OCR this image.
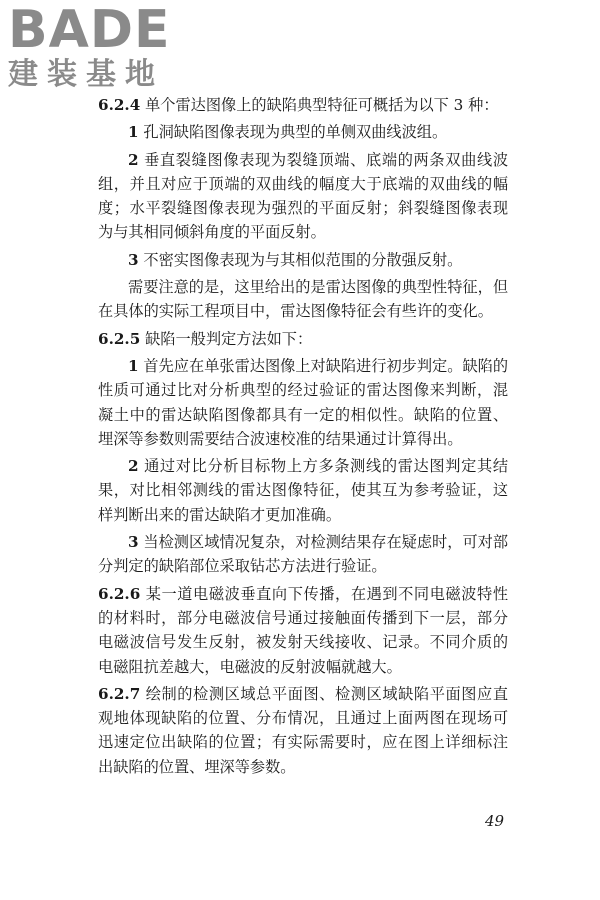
BADE
建装基地

6.2.4 单个雷达图像上的缺陷典型特征可概括为以下 3 种：

1 孔洞缺陷图像表现为典型的单侧双曲线波组。

2 垂直裂缝图像表现为裂缝顶端、底端的两条双曲线波组，并且对应于顶端的双曲线的幅度大于底端的双曲线的幅度；水平裂缝图像表现为强烈的平面反射；斜裂缝图像表现为与其相同倾斜角度的平面反射。

3 不密实图像表现为与其相似范围的分散强反射。

需要注意的是，这里给出的是雷达图像的典型性特征，但在具体的实际工程项目中，雷达图像特征会有些许的变化。

6.2.5 缺陷一般判定方法如下：

1 首先应在单张雷达图像上对缺陷进行初步判定。缺陷的性质可通过比对分析典型的经过验证的雷达图像来判断，混凝土中的雷达缺陷图像都具有一定的相似性。缺陷的位置、埋深等参数则需要结合波速校准的结果通过计算得出。

2 通过对比分析目标物上方多条测线的雷达图判定其结果，对比相邻测线的雷达图像特征，使其互为参考验证，这样判断出来的雷达缺陷才更加准确。

3 当检测区域情况复杂，对检测结果存在疑虑时，可对部分判定的缺陷部位采取钻芯方法进行验证。

6.2.6 某一道电磁波垂直向下传播，在遇到不同电磁波特性的材料时，部分电磁波信号通过接触面传播到下一层，部分电磁波信号发生反射，被发射天线接收、记录。不同介质的电磁阻抗差越大，电磁波的反射波幅就越大。

6.2.7 绘制的检测区域总平面图、检测区域缺陷平面图应直观地体现缺陷的位置、分布情况，且通过上面两图在现场可迅速定位出缺陷的位置；有实际需要时，应在图上详细标注出缺陷的位置、埋深等参数。

49
